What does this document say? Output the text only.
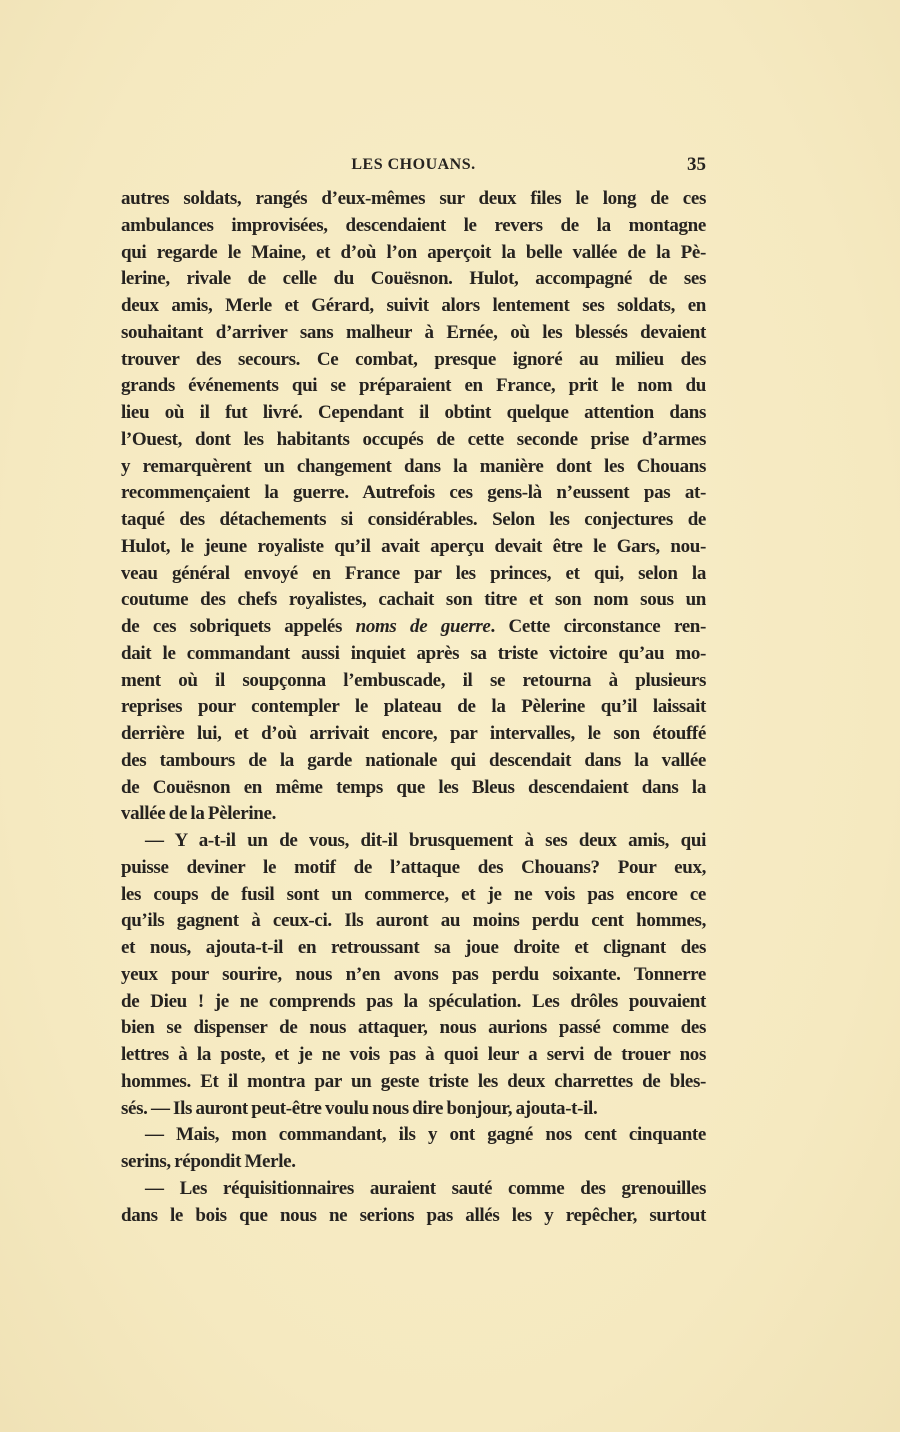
LES CHOUANS.	35
autres soldats, rangés d’eux-mêmes sur deux files le long de ces
ambulances improvisées, descendaient le revers de la montagne
qui regarde le Maine, et d’où l’on aperçoit la belle vallée de la Pè-
lerine, rivale de celle du Couësnon. Hulot, accompagné de ses
deux amis, Merle et Gérard, suivit alors lentement ses soldats, en
souhaitant d’arriver sans malheur à Ernée, où les blessés devaient
trouver des secours. Ce combat, presque ignoré au milieu des
grands événements qui se préparaient en France, prit le nom du
lieu où il fut livré. Cependant il obtint quelque attention dans
l’Ouest, dont les habitants occupés de cette seconde prise d’armes
y remarquèrent un changement dans la manière dont les Chouans
recommençaient la guerre. Autrefois ces gens-là n’eussent pas at-
taqué des détachements si considérables. Selon les conjectures de
Hulot, le jeune royaliste qu’il avait aperçu devait être le Gars, nou-
veau général envoyé en France par les princes, et qui, selon la
coutume des chefs royalistes, cachait son titre et son nom sous un
de ces sobriquets appelés noms de guerre. Cette circonstance ren-
dait le commandant aussi inquiet après sa triste victoire qu’au mo-
ment où il soupçonna l’embuscade, il se retourna à plusieurs
reprises pour contempler le plateau de la Pèlerine qu’il laissait
derrière lui, et d’où arrivait encore, par intervalles, le son étouffé
des tambours de la garde nationale qui descendait dans la vallée
de Couësnon en même temps que les Bleus descendaient dans la
vallée de la Pèlerine.
— Y a-t-il un de vous, dit-il brusquement à ses deux amis, qui
puisse deviner le motif de l’attaque des Chouans? Pour eux,
les coups de fusil sont un commerce, et je ne vois pas encore ce
qu’ils gagnent à ceux-ci. Ils auront au moins perdu cent hommes,
et nous, ajouta-t-il en retroussant sa joue droite et clignant des
yeux pour sourire, nous n’en avons pas perdu soixante. Tonnerre
de Dieu ! je ne comprends pas la spéculation. Les drôles pouvaient
bien se dispenser de nous attaquer, nous aurions passé comme des
lettres à la poste, et je ne vois pas à quoi leur a servi de trouer nos
hommes. Et il montra par un geste triste les deux charrettes de bles-
sés. — Ils auront peut-être voulu nous dire bonjour, ajouta-t-il.
— Mais, mon commandant, ils y ont gagné nos cent cinquante
serins, répondit Merle.
— Les réquisitionnaires auraient sauté comme des grenouilles
dans le bois que nous ne serions pas allés les y repêcher, surtout
